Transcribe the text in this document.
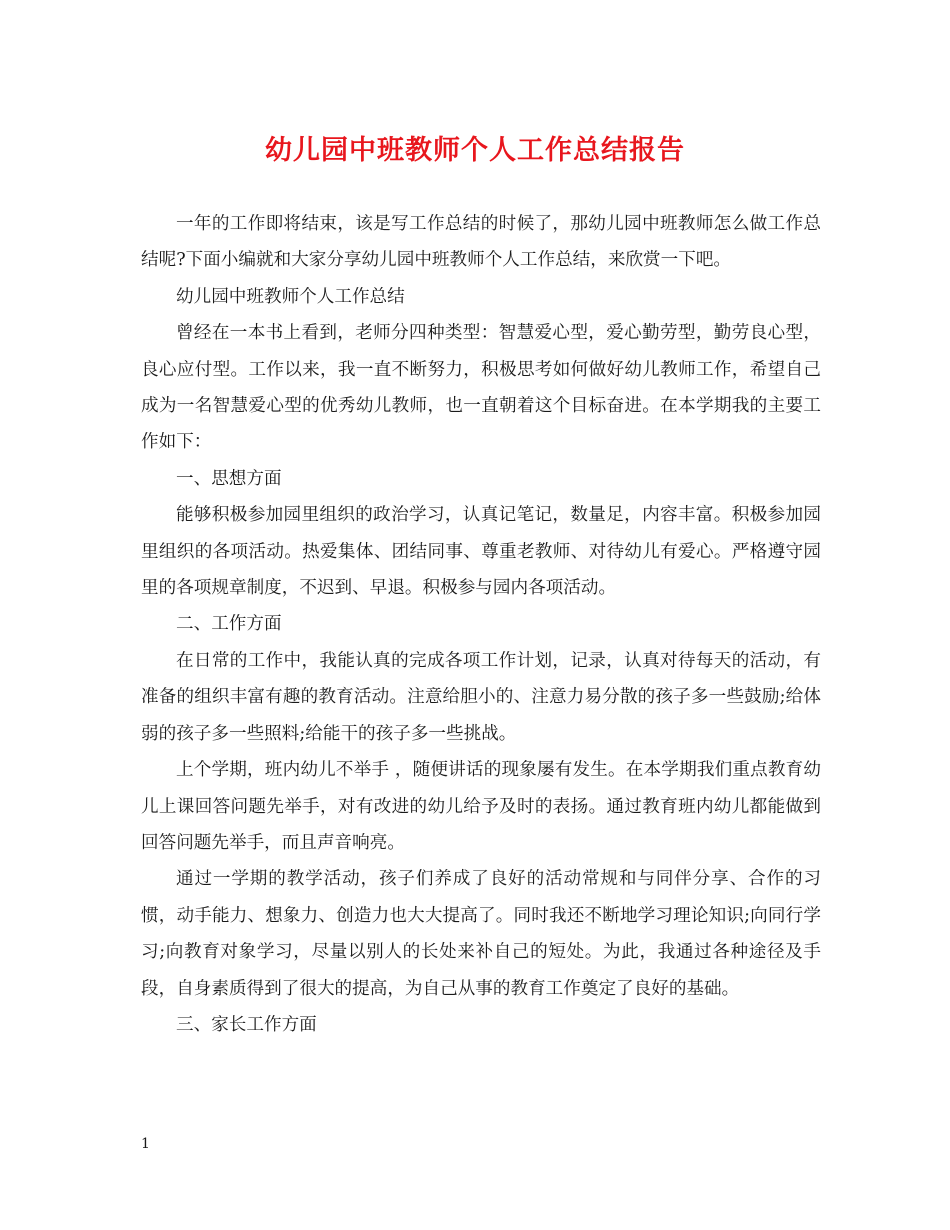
幼儿园中班教师个人工作总结报告

一年的工作即将结束，该是写工作总结的时候了，那幼儿园中班教师怎么做工作总结呢?下面小编就和大家分享幼儿园中班教师个人工作总结，来欣赏一下吧。

幼儿园中班教师个人工作总结

曾经在一本书上看到，老师分四种类型：智慧爱心型，爱心勤劳型，勤劳良心型，良心应付型。工作以来，我一直不断努力，积极思考如何做好幼儿教师工作，希望自己成为一名智慧爱心型的优秀幼儿教师，也一直朝着这个目标奋进。在本学期我的主要工作如下：

一、思想方面

能够积极参加园里组织的政治学习，认真记笔记，数量足，内容丰富。积极参加园里组织的各项活动。热爱集体、团结同事、尊重老教师、对待幼儿有爱心。严格遵守园里的各项规章制度，不迟到、早退。积极参与园内各项活动。

二、工作方面

在日常的工作中，我能认真的完成各项工作计划，记录，认真对待每天的活动，有准备的组织丰富有趣的教育活动。注意给胆小的、注意力易分散的孩子多一些鼓励;给体弱的孩子多一些照料;给能干的孩子多一些挑战。

上个学期，班内幼儿不举手 ，随便讲话的现象屡有发生。在本学期我们重点教育幼儿上课回答问题先举手，对有改进的幼儿给予及时的表扬。通过教育班内幼儿都能做到回答问题先举手，而且声音响亮。

通过一学期的教学活动，孩子们养成了良好的活动常规和与同伴分享、合作的习惯，动手能力、想象力、创造力也大大提高了。同时我还不断地学习理论知识;向同行学习;向教育对象学习，尽量以别人的长处来补自己的短处。为此，我通过各种途径及手段，自身素质得到了很大的提高，为自己从事的教育工作奠定了良好的基础。

三、家长工作方面

1
